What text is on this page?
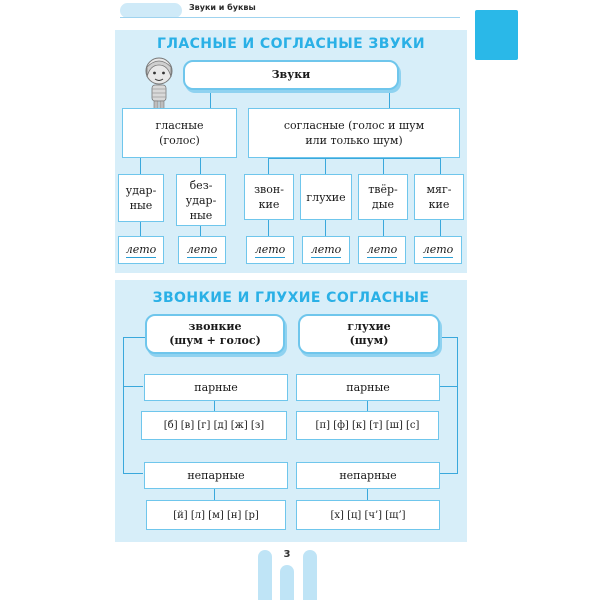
Звуки и буквы
ГЛАСНЫЕ И СОГЛАСНЫЕ ЗВУКИ
Звуки
гласные
(голос)
согласные (голос и шум
или только шум)
удар-
ные
без-
удар-
ные
звон-
кие
глухие
твёр-
дые
мяг-
кие
лето	лето	лето лето лето лето
ЗВОНКИЕ И ГЛУХИЕ СОГЛАСНЫЕ
звонкие
(шум + голос)
глухие
(шум)
парные	парные
[б] [в] [г] [д] [ж] [з]	[п] [ф] [к] [т] [ш] [с]
непарные	непарные
[й] [л] [м] [н] [р]	[х] [ц] [ч’] [щ’]
3
